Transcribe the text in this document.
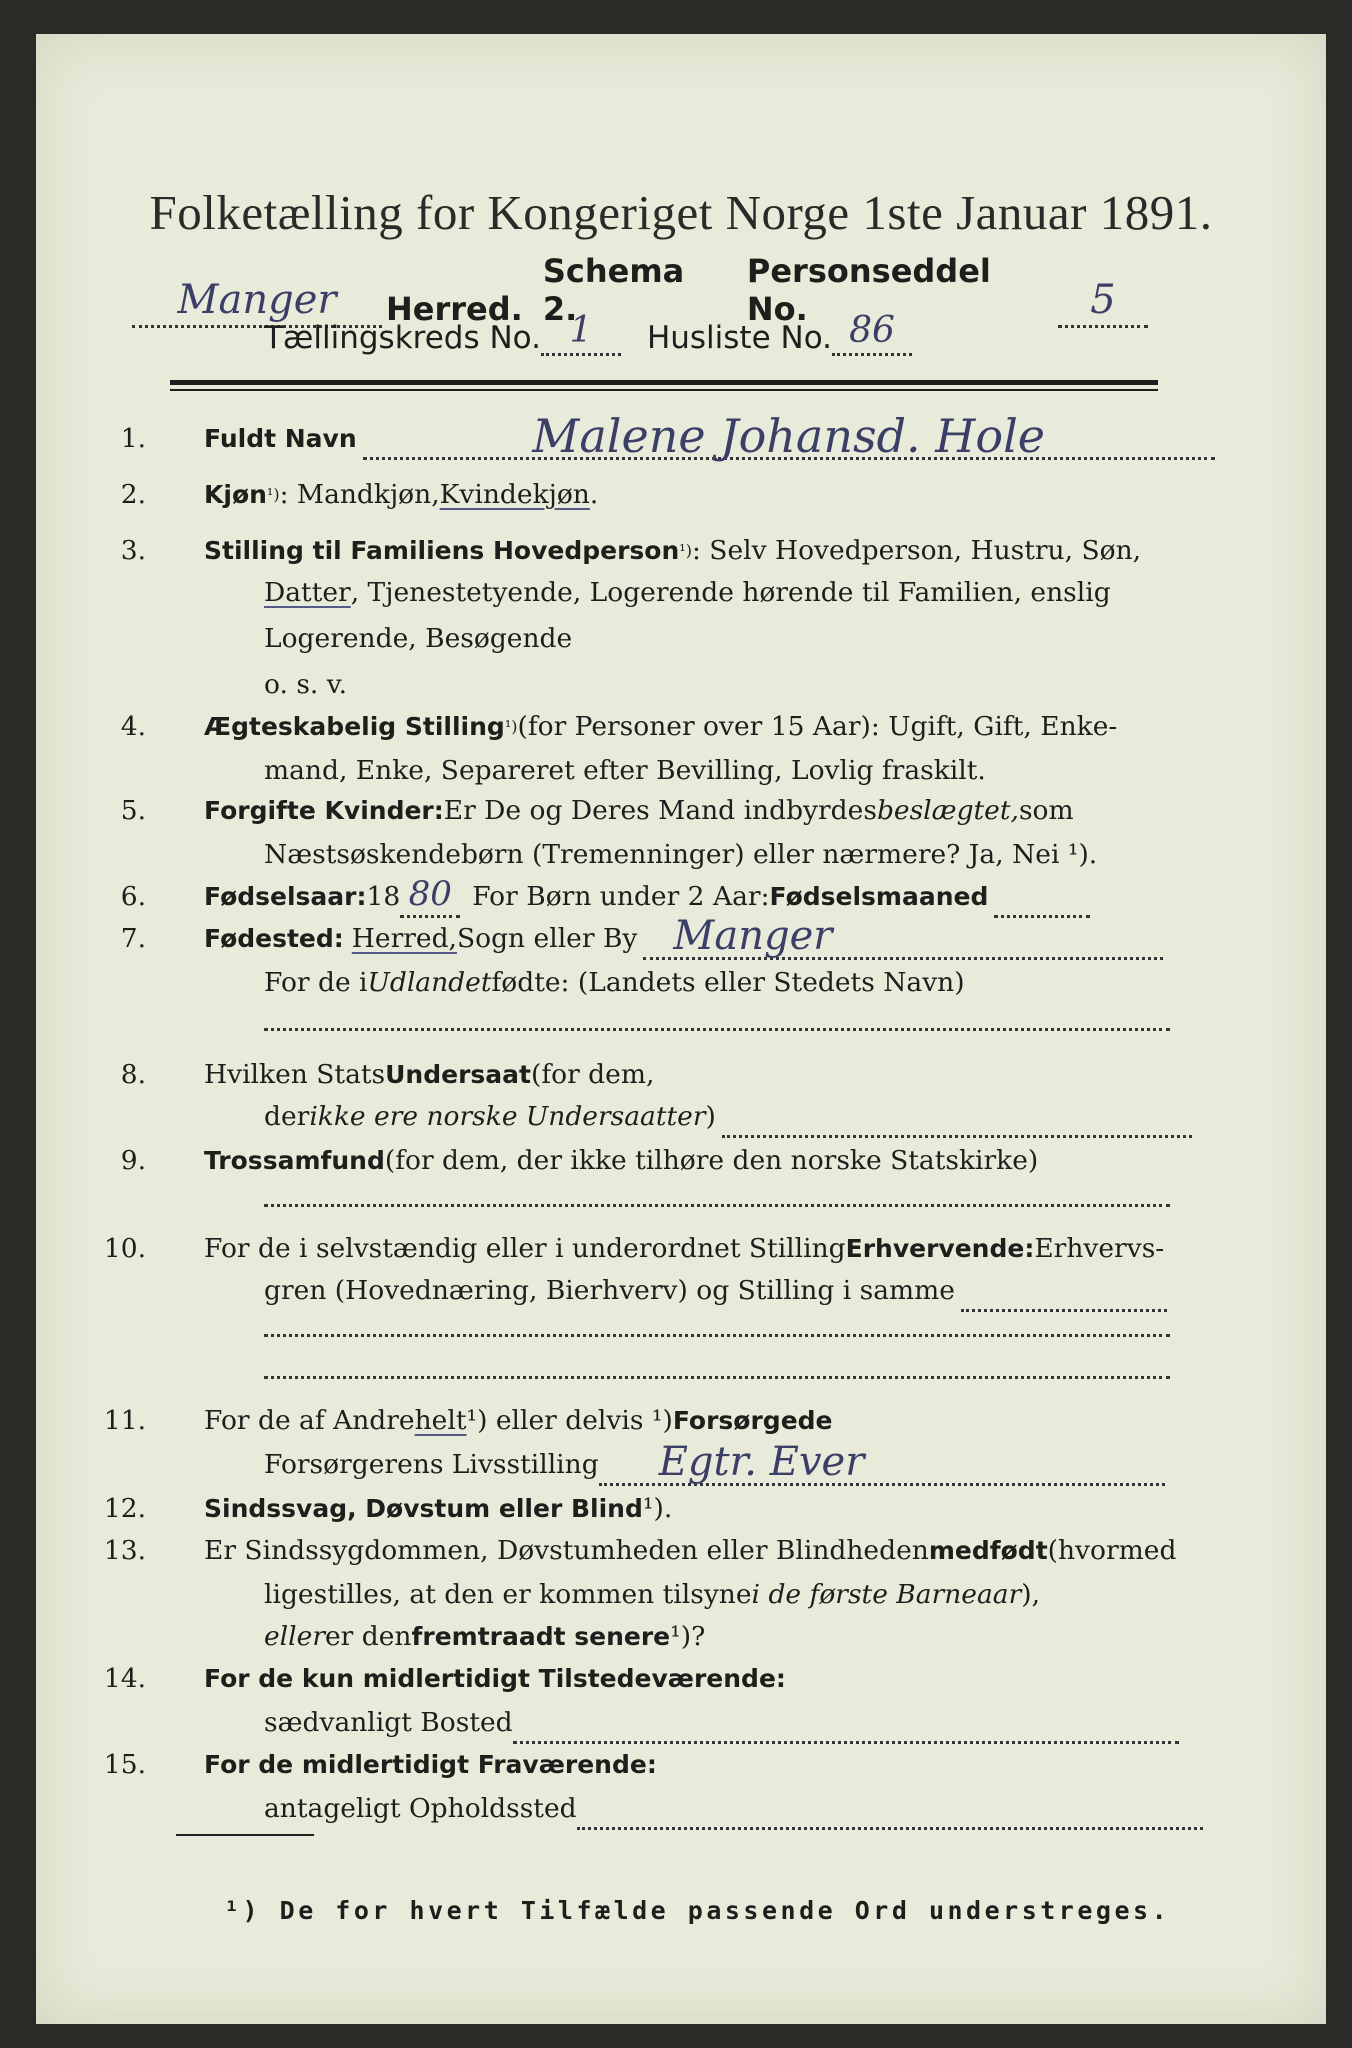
Folketælling for Kongeriget Norge 1ste Januar 1891.
Manger	Herred.
Schema 2.
Personseddel No.	5
Tællingskreds No. 1	Husliste No. 86
1. Fuldt Navn	Malene Johansd. Hole
2. Kjøn ¹) : Mandkjøn, Kvindekjøn .
3. Stilling til Familiens Hovedperson ¹) : Selv Hovedperson, Hustru, Søn,
Datter , Tjenestetyende, Logerende hørende til Familien, enslig
Logerende, Besøgende
o. s. v.
4. Ægteskabelig Stilling ¹) (for Personer over 15 Aar): Ugift, Gift, Enke-
mand, Enke, Separeret efter Bevilling, Lovlig fraskilt.
5. For gifte Kvinder: Er De og Deres Mand indbyrdes beslægtet, som
Næstsøskendebørn (Tremenninger) eller nærmere? Ja, Nei ¹).
6. Fødselsaar: 18 80 For Børn under 2 Aar: Fødselsmaaned
7. Fødested: Herred, Sogn eller By Manger
For de i Udlandet fødte: (Landets eller Stedets Navn)
8. Hvilken Stats Undersaat (for dem,
der ikke ere norske Undersaatter )
9. Trossamfund (for dem, der ikke tilhøre den norske Statskirke)
10. For de i selvstændig eller i underordnet Stilling Erhvervende: Erhvervs-
gren (Hovednæring, Bierhverv) og Stilling i samme
11. For de af Andre helt ¹) eller delvis ¹) Forsørgede
Forsørgerens Livsstilling Egtr. Ever
12. Sindssvag, Døvstum eller Blind ¹).
13. Er Sindssygdommen, Døvstumheden eller Blindheden medfødt (hvormed
ligestilles, at den er kommen tilsyne i de første Barneaar ),
eller er den fremtraadt senere ¹)?
14. For de kun midlertidigt Tilstedeværende:
sædvanligt Bosted
15. For de midlertidigt Fraværende:
antageligt Opholdssted
¹) De for hvert Tilfælde passende Ord understreges.
